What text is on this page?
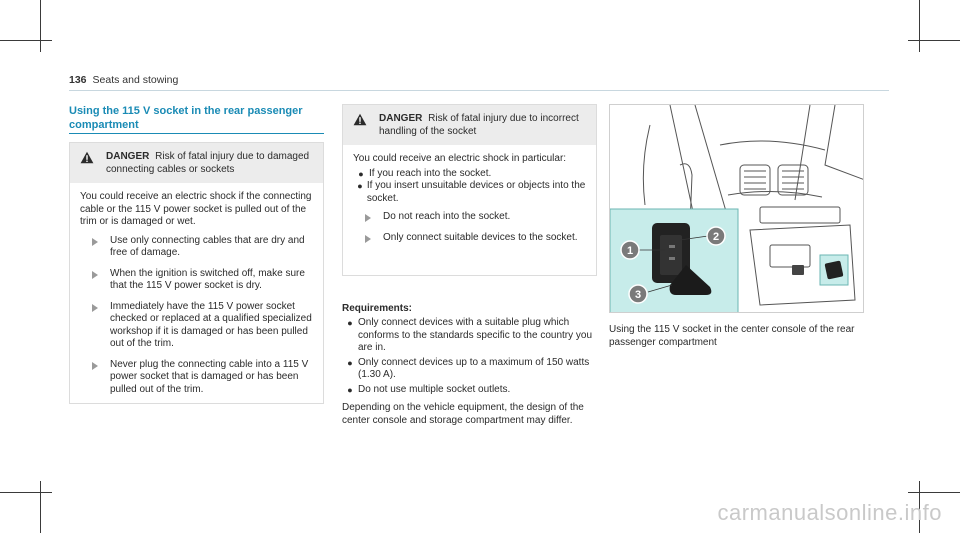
136 Seats and stowing
Using the 115 V socket in the rear passenger compartment
DANGER Risk of fatal injury due to damaged connecting cables or sockets

You could receive an electric shock if the connecting cable or the 115 V power socket is pulled out of the trim or is damaged or wet.

Use only connecting cables that are dry and free of damage.
When the ignition is switched off, make sure that the 115 V power socket is dry.
Immediately have the 115 V power socket checked or replaced at a qualified specialized workshop if it is damaged or has been pulled out of the trim.
Never plug the connecting cable into a 115 V power socket that is damaged or has been pulled out of the trim.
DANGER Risk of fatal injury due to incorrect handling of the socket

You could receive an electric shock in particular:

● If you reach into the socket.
● If you insert unsuitable devices or objects into the socket.
Do not reach into the socket.
Only connect suitable devices to the socket.
Requirements:
● Only connect devices with a suitable plug which conforms to the standards specific to the country you are in.
● Only connect devices up to a maximum of 150 watts (1.30 A).
● Do not use multiple socket outlets.
Depending on the vehicle equipment, the design of the center console and storage compartment may differ.
1
2
3
Using the 115 V socket in the center console of the rear passenger compartment
carmanualsonline.info
